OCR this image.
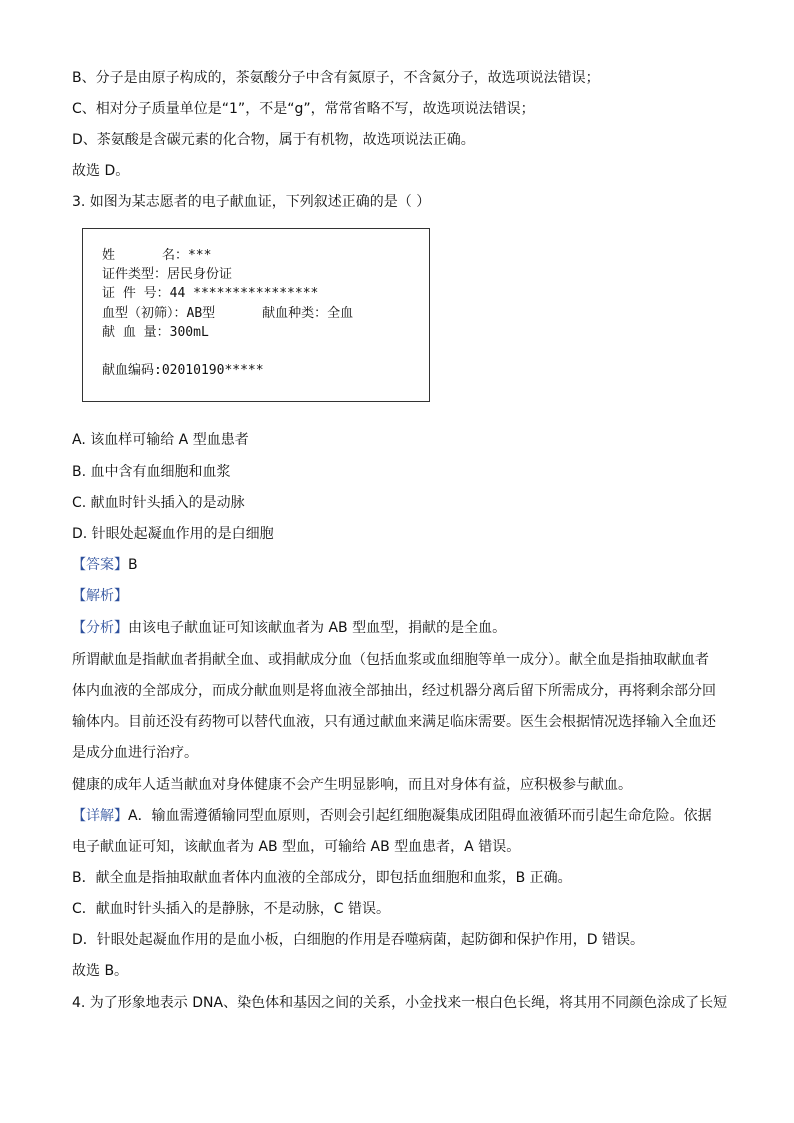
B、分子是由原子构成的，茶氨酸分子中含有氮原子，不含氮分子，故选项说法错误；
C、相对分子质量单位是“1”，不是“g”，常常省略不写，故选项说法错误；
D、茶氨酸是含碳元素的化合物，属于有机物，故选项说法正确。
故选 D。
3. 如图为某志愿者的电子献血证，下列叙述正确的是（ ）
姓      名：***
证件类型：居民身份证
证 件 号：44 ****************
血型（初筛）：AB型      献血种类：全血
献 血 量：300mL
献血编码:02010190*****
A. 该血样可输给 A 型血患者
B. 血中含有血细胞和血浆
C. 献血时针头插入的是动脉
D. 针眼处起凝血作用的是白细胞
【答案】B
【解析】
【分析】由该电子献血证可知该献血者为 AB 型血型，捐献的是全血。
所谓献血是指献血者捐献全血、或捐献成分血（包括血浆或血细胞等单一成分）。献全血是指抽取献血者
体内血液的全部成分，而成分献血则是将血液全部抽出，经过机器分离后留下所需成分，再将剩余部分回
输体内。目前还没有药物可以替代血液，只有通过献血来满足临床需要。医生会根据情况选择输入全血还
是成分血进行治疗。
健康的成年人适当献血对身体健康不会产生明显影响，而且对身体有益，应积极参与献血。
【详解】A．输血需遵循输同型血原则，否则会引起红细胞凝集成团阻碍血液循环而引起生命危险。依据
电子献血证可知，该献血者为 AB 型血，可输给 AB 型血患者，A 错误。
B．献全血是指抽取献血者体内血液的全部成分，即包括血细胞和血浆，B 正确。
C．献血时针头插入的是静脉，不是动脉，C 错误。
D．针眼处起凝血作用的是血小板，白细胞的作用是吞噬病菌，起防御和保护作用，D 错误。
故选 B。
4. 为了形象地表示 DNA、染色体和基因之间的关系，小金找来一根白色长绳，将其用不同颜色涂成了长短
